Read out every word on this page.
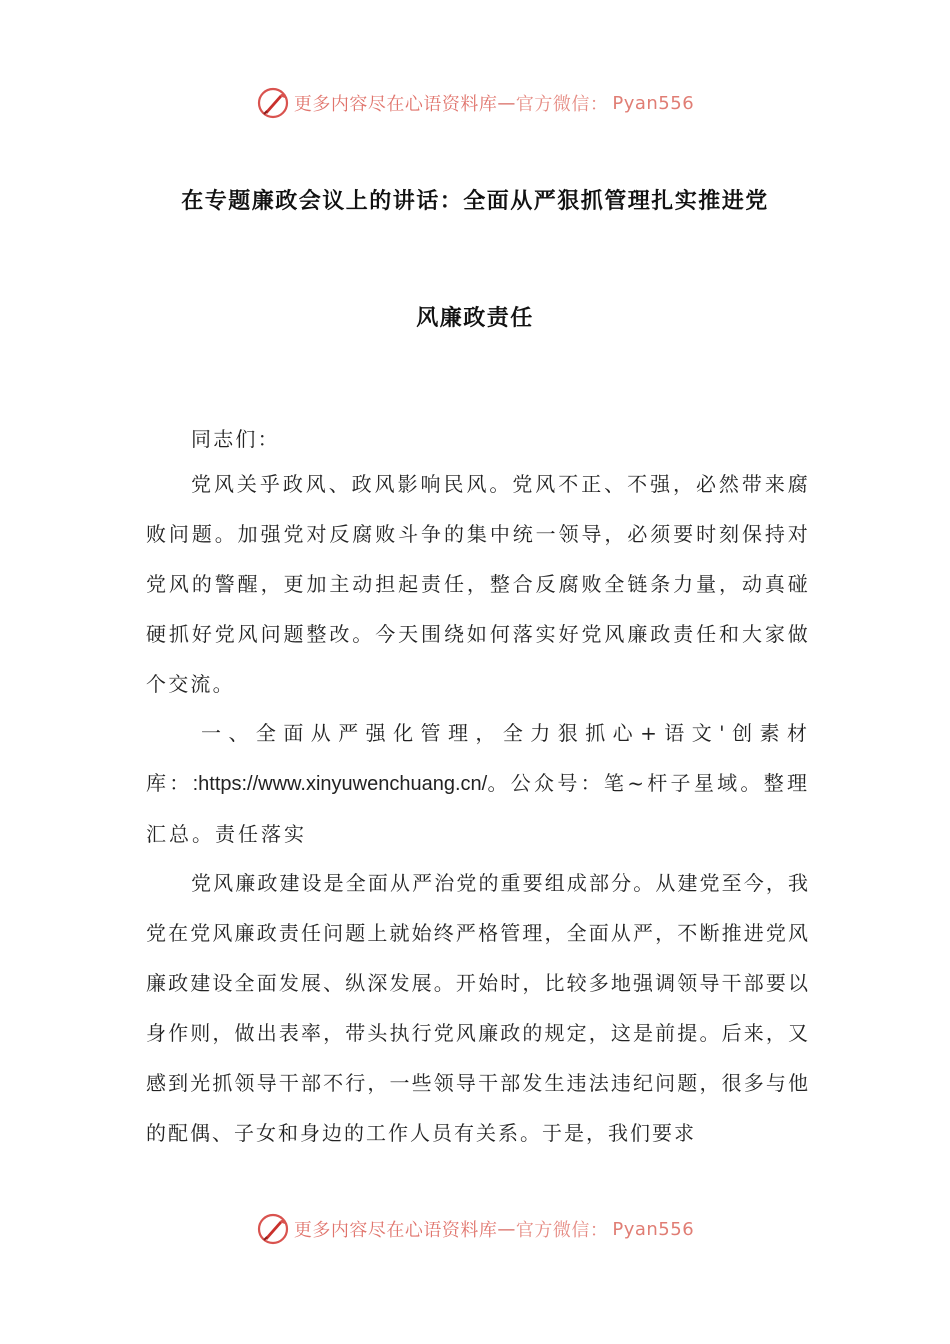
更多内容尽在心语资料库 — 官方微信： Pyan556
在专题廉政会议上的讲话：全面从严狠抓管理扎实推进党
风廉政责任
同志们：
党风关乎政风、政风影响民风。党风不正、不强，必然带来腐败问题。加强党对反腐败斗争的集中统一领导，必须要时刻保持对党风的警醒，更加主动担起责任，整合反腐败全链条力量，动真碰硬抓好党风问题整改。今天围绕如何落实好党风廉政责任和大家做个交流。
一、全面从严强化管理，全力狠抓心+语文'创素材库：:https://www.xinyuwenchuang.cn/。公众号：笔~杆子星域。整理汇总。责任落实
党风廉政建设是全面从严治党的重要组成部分。从建党至今，我党在党风廉政责任问题上就始终严格管理，全面从严，不断推进党风廉政建设全面发展、纵深发展。开始时，比较多地强调领导干部要以身作则，做出表率，带头执行党风廉政的规定，这是前提。后来，又感到光抓领导干部不行，一些领导干部发生违法违纪问题，很多与他的配偶、子女和身边的工作人员有关系。于是，我们要求
更多内容尽在心语资料库 — 官方微信： Pyan556
